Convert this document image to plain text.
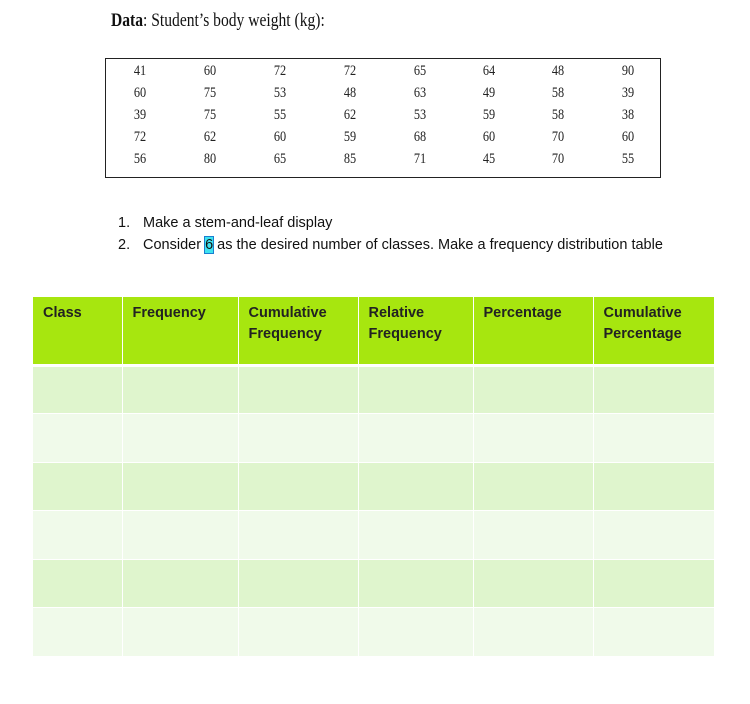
Data: Student’s body weight (kg):
41	60	72	72	65	64	48	90
60	75	53	48	63	49	58	39
39	75	55	62	53	59	58	38
72	62	60	59	68	60	70	60
56	80	65	85	71	45	70	55
1. Make a stem-and-leaf display
2. Consider 6 as the desired number of classes. Make a frequency distribution table
Class	Frequency	Cumulative Frequency	Relative Frequency	Percentage	Cumulative Percentage
